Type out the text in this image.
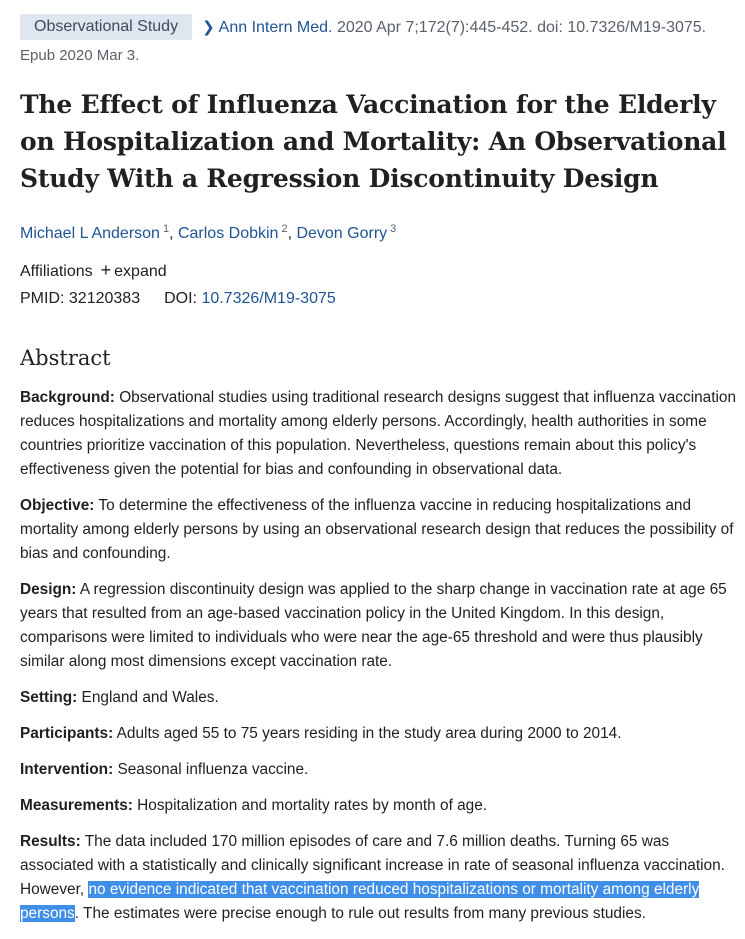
Observational Study ❯ Ann Intern Med. 2020 Apr 7;172(7):445-452. doi: 10.7326/M19-3075.
Epub 2020 Mar 3.
The Effect of Influenza Vaccination for the Elderly on Hospitalization and Mortality: An Observational Study With a Regression Discontinuity Design
Michael L Anderson $^1$, Carlos Dobkin $^2$, Devon Gorry $^3$
Affiliations + expand
PMID: 32120383 DOI: 10.7326/M19-3075
Abstract

Background: Observational studies using traditional research designs suggest that influenza vaccination reduces hospitalizations and mortality among elderly persons. Accordingly, health authorities in some countries prioritize vaccination of this population. Nevertheless, questions remain about this policy's effectiveness given the potential for bias and confounding in observational data.

Objective: To determine the effectiveness of the influenza vaccine in reducing hospitalizations and mortality among elderly persons by using an observational research design that reduces the possibility of bias and confounding.

Design: A regression discontinuity design was applied to the sharp change in vaccination rate at age 65 years that resulted from an age-based vaccination policy in the United Kingdom. In this design, comparisons were limited to individuals who were near the age-65 threshold and were thus plausibly similar along most dimensions except vaccination rate.

Setting: England and Wales.

Participants: Adults aged 55 to 75 years residing in the study area during 2000 to 2014.

Intervention: Seasonal influenza vaccine.

Measurements: Hospitalization and mortality rates by month of age.

Results: The data included 170 million episodes of care and 7.6 million deaths. Turning 65 was associated with a statistically and clinically significant increase in rate of seasonal influenza vaccination. However, no evidence indicated that vaccination reduced hospitalizations or mortality among elderly persons. The estimates were precise enough to rule out results from many previous studies.
